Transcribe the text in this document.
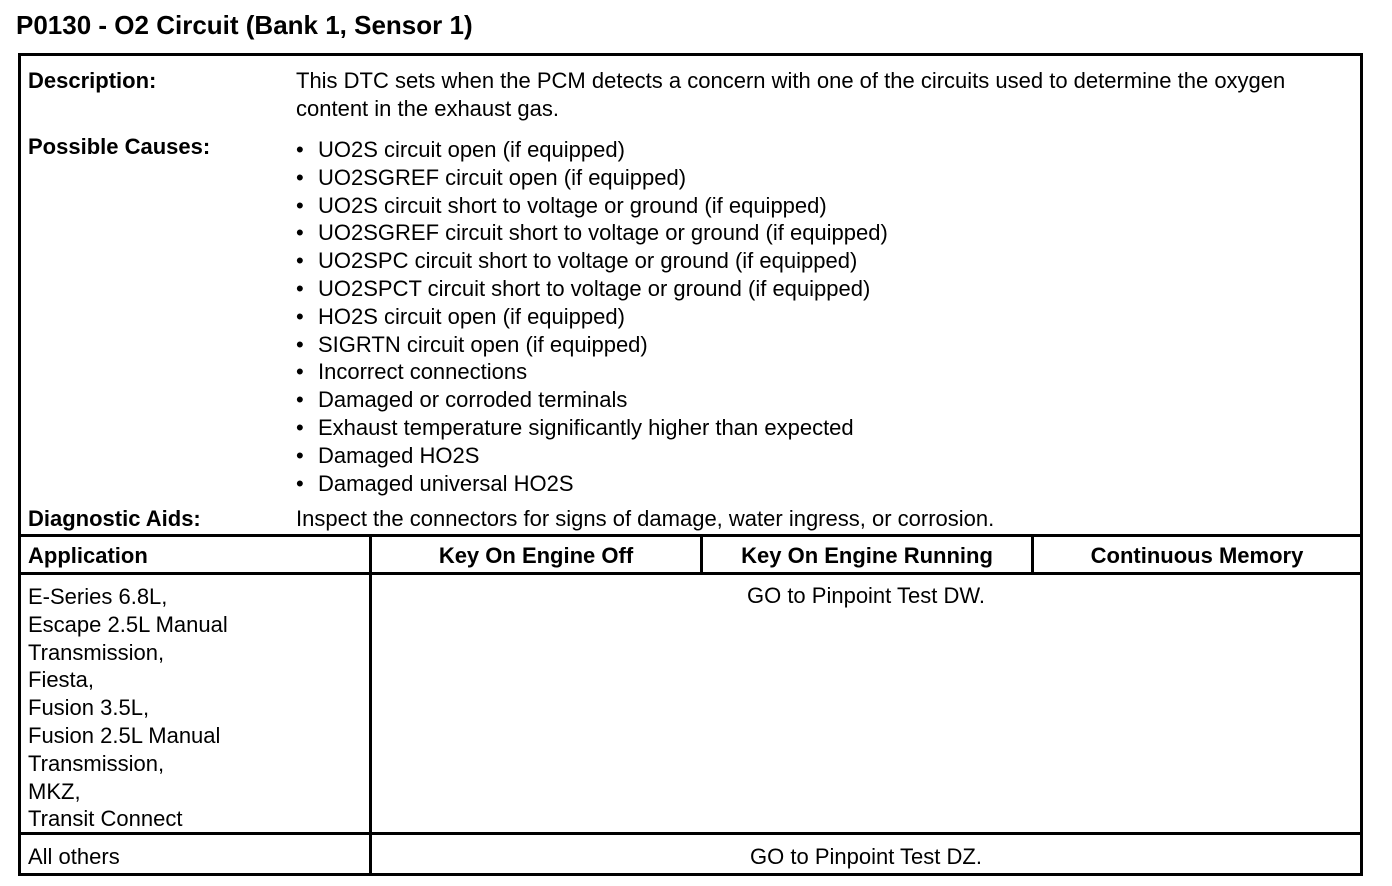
P0130 - O2 Circuit (Bank 1, Sensor 1)
Description:	This DTC sets when the PCM detects a concern with one of the circuits used to determine the oxygen content in the exhaust gas.
Possible Causes:
•	UO2S circuit open (if equipped)
• UO2SGREF circuit open (if equipped)
• UO2S circuit short to voltage or ground (if equipped)
• UO2SGREF circuit short to voltage or ground (if equipped)
• UO2SPC circuit short to voltage or ground (if equipped)
• UO2SPCT circuit short to voltage or ground (if equipped)
• HO2S circuit open (if equipped)
• SIGRTN circuit open (if equipped)
• Incorrect connections
• Damaged or corroded terminals
• Exhaust temperature significantly higher than expected
• Damaged HO2S
• Damaged universal HO2S
Diagnostic Aids:	Inspect the connectors for signs of damage, water ingress, or corrosion.
Application	Key On Engine Off	Key On Engine Running	Continuous Memory
E-Series 6.8L,
Escape 2.5L Manual
Transmission,
Fiesta,
Fusion 3.5L,
Fusion 2.5L Manual
Transmission,
MKZ,
Transit Connect
GO to Pinpoint Test DW.
All others	GO to Pinpoint Test DZ.
